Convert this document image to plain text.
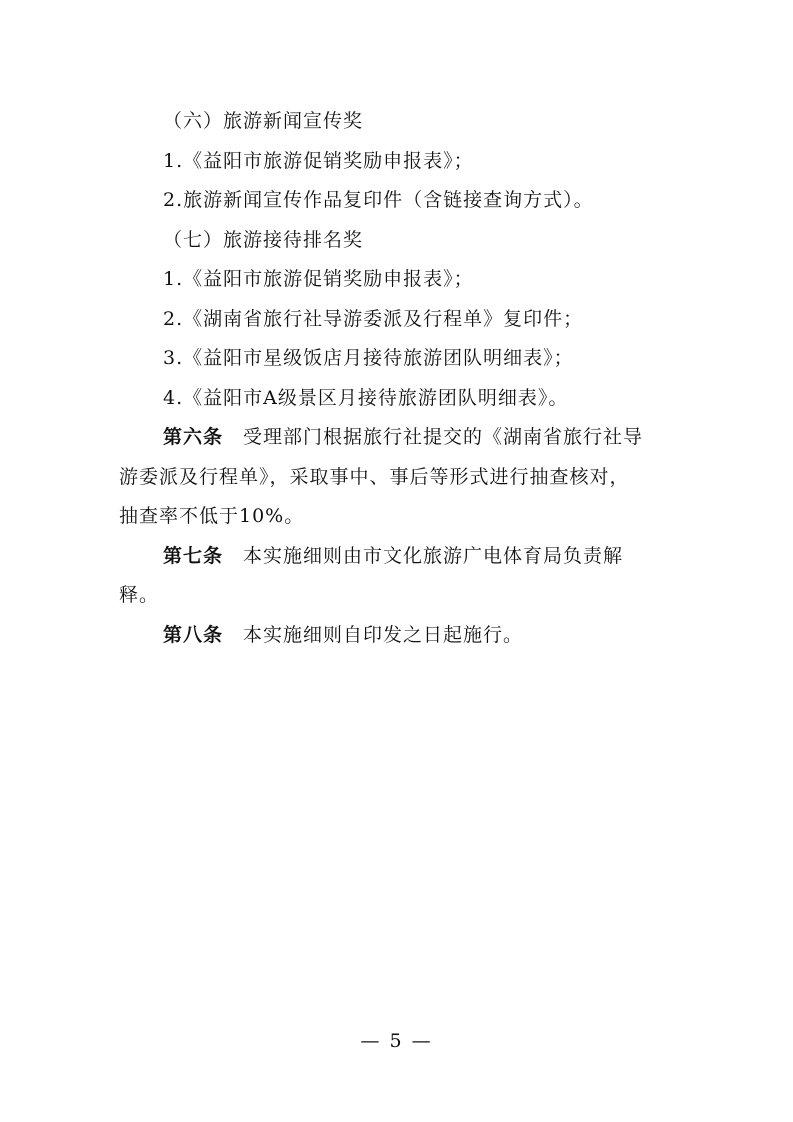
（六）旅游新闻宣传奖
1.《益阳市旅游促销奖励申报表》；
2.旅游新闻宣传作品复印件（含链接查询方式）。
（七）旅游接待排名奖
1.《益阳市旅游促销奖励申报表》；
2.《湖南省旅行社导游委派及行程单》复印件；
3.《益阳市星级饭店月接待旅游团队明细表》；
4.《益阳市A级景区月接待旅游团队明细表》。
第六条 受理部门根据旅行社提交的《湖南省旅行社导
游委派及行程单》，采取事中、事后等形式进行抽查核对，
抽查率不低于10%。
第七条 本实施细则由市文化旅游广电体育局负责解
释。
第八条 本实施细则自印发之日起施行。
— 5 —
